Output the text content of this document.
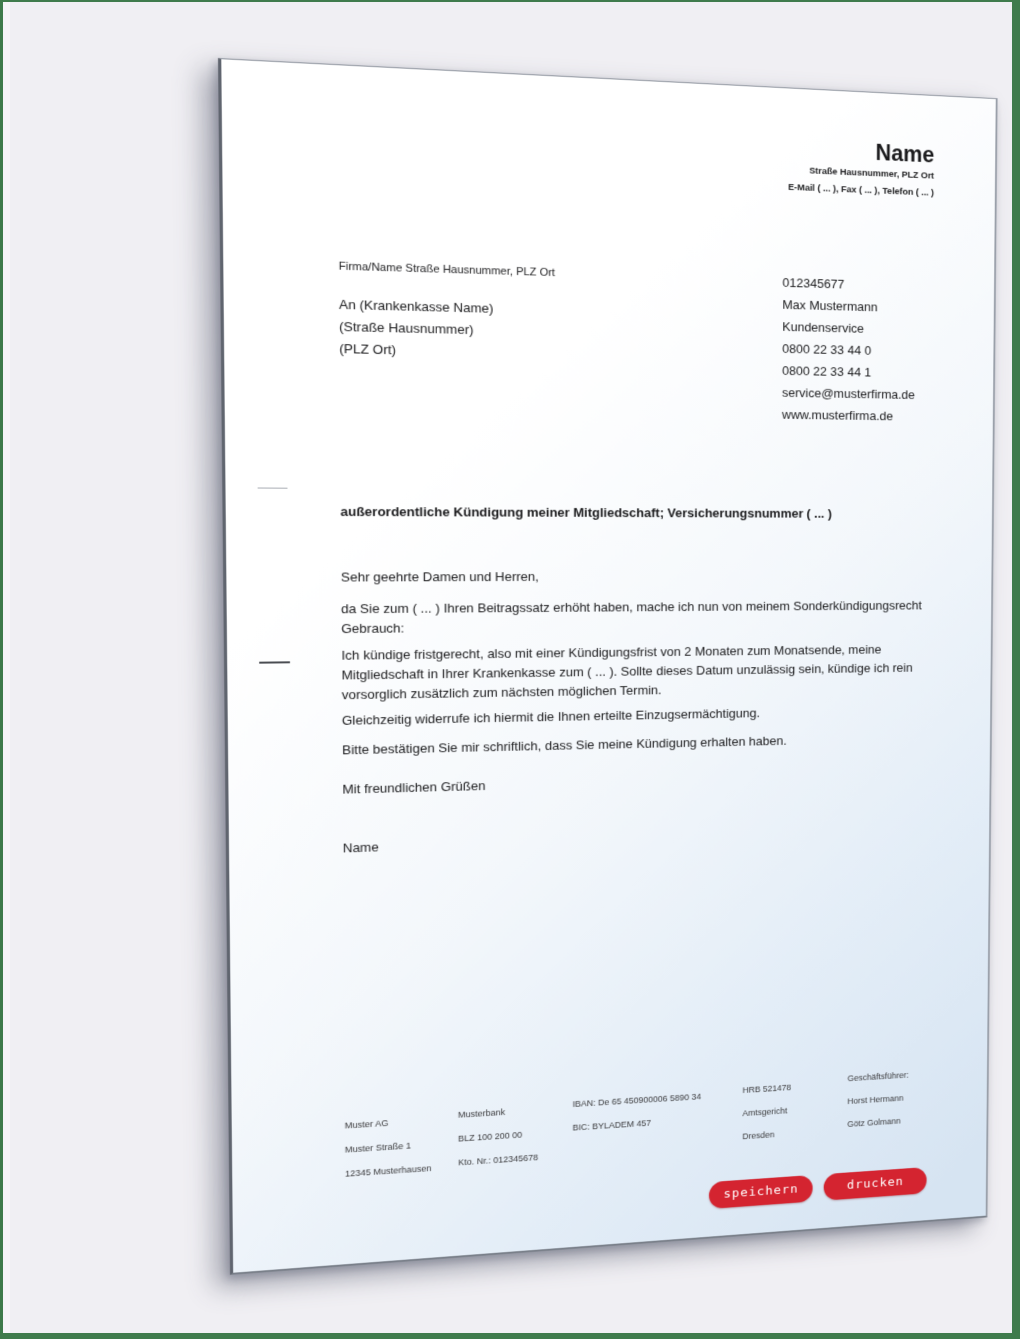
Name
Straße Hausnummer, PLZ Ort
E-Mail ( ... ), Fax ( ... ), Telefon ( ... )
Firma/Name Straße Hausnummer, PLZ Ort
An (Krankenkasse Name)
(Straße Hausnummer)
(PLZ Ort)
012345677
Max Mustermann
Kundenservice
0800 22 33 44 0
0800 22 33 44 1
service@musterfirma.de
www.musterfirma.de
außerordentliche Kündigung meiner Mitgliedschaft; Versicherungsnummer ( ... )

Sehr geehrte Damen und Herren,

da Sie zum ( ... ) Ihren Beitragssatz erhöht haben, mache ich nun von meinem Sonderkündigungsrecht Gebrauch:

Ich kündige fristgerecht, also mit einer Kündigungsfrist von 2 Monaten zum Monatsende, meine Mitgliedschaft in Ihrer Krankenkasse zum ( ... ). Sollte dieses Datum unzulässig sein, kündige ich rein vorsorglich zusätzlich zum nächsten möglichen Termin.

Gleichzeitig widerrufe ich hiermit die Ihnen erteilte Einzugsermächtigung.

Bitte bestätigen Sie mir schriftlich, dass Sie meine Kündigung erhalten haben.

Mit freundlichen Grüßen

Name

Muster AG
Muster Straße 1
12345 Musterhausen
Musterbank
BLZ 100 200 00
Kto. Nr.: 012345678
IBAN: De 65 450900006 5890 34
BIC: BYLADEM 457
HRB 521478
Amtsgericht
Dresden
Geschäftsführer:
Horst Hermann
Götz Golmann
speichern	drucken
